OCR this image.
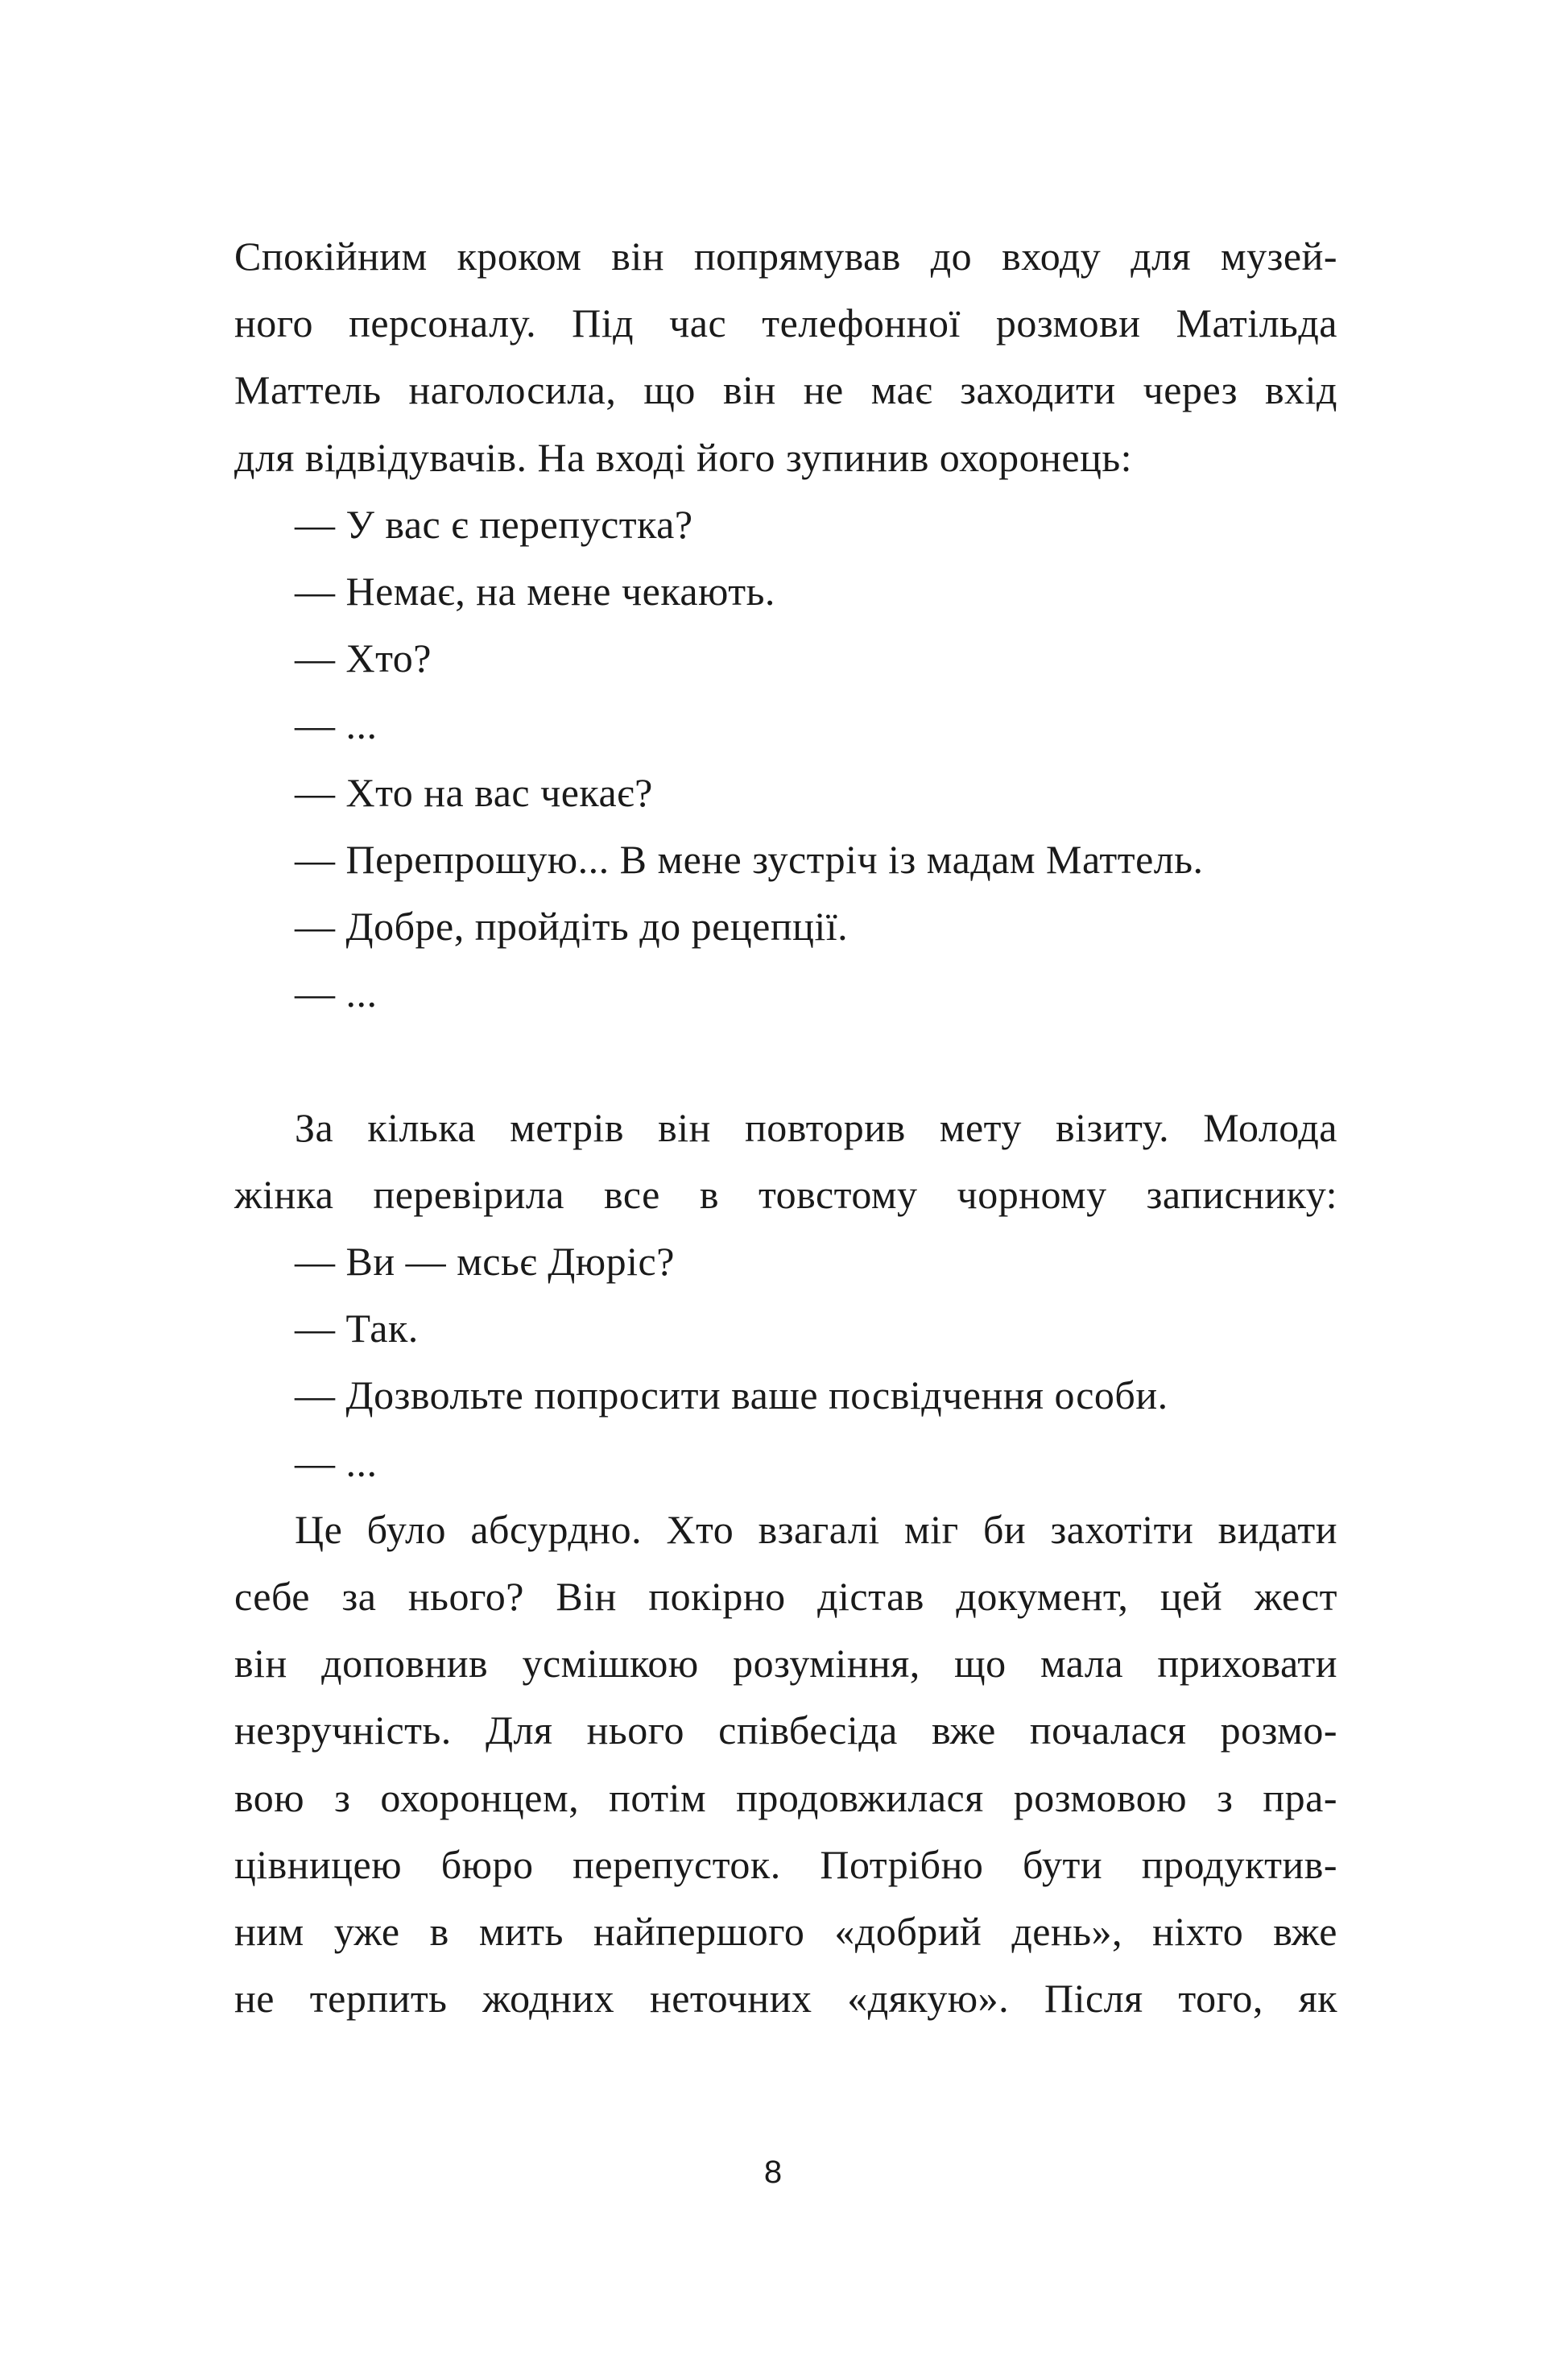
Спокійним кроком він попрямував до входу для музей-
ного персоналу. Під час телефонної розмови Матільда
Маттель наголосила, що він не має заходити через вхід
для відвідувачів. На вході його зупинив охоронець:
— У вас є перепустка?
— Немає, на мене чекають.
— Хто?
— ...
— Хто на вас чекає?
— Перепрошую... В мене зустріч із мадам Маттель.
— Добре, пройдіть до рецепції.
— ...
За кілька метрів він повторив мету візиту. Молода
жінка перевірила все в товстому чорному записнику:
— Ви — мсьє Дюріс?
— Так.
— Дозвольте попросити ваше посвідчення особи.
— ...
Це було абсурдно. Хто взагалі міг би захотіти видати
себе за нього? Він покірно дістав документ, цей жест
він доповнив усмішкою розуміння, що мала приховати
незручність. Для нього співбесіда вже почалася розмо-
вою з охоронцем, потім продовжилася розмовою з пра-
цівницею бюро перепусток. Потрібно бути продуктив-
ним уже в мить найпершого «добрий день», ніхто вже
не терпить жодних неточних «дякую». Після того, як
8
